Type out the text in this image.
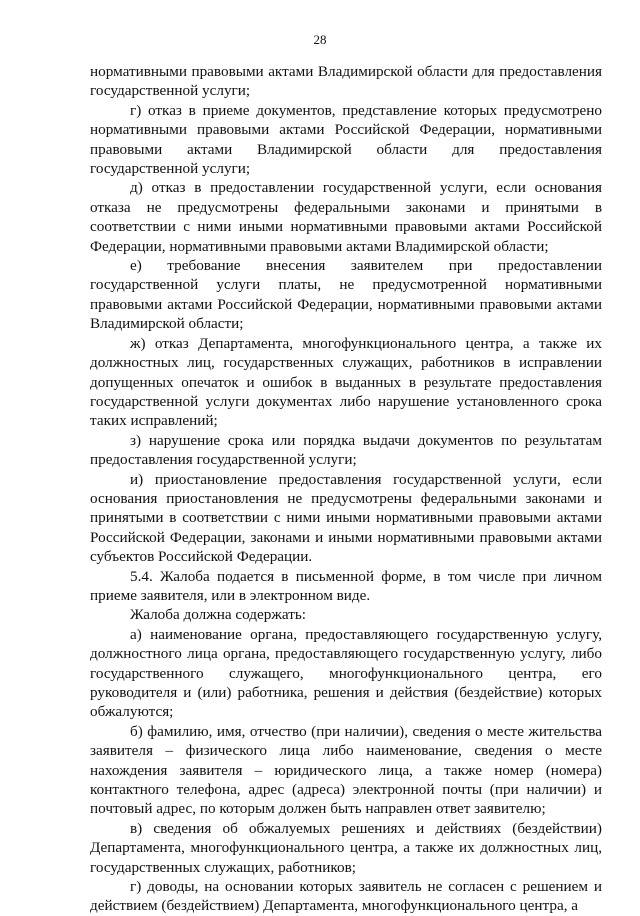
28

нормативными правовыми актами Владимирской области для предоставления государственной услуги;

г) отказ в приеме документов, представление которых предусмотрено нормативными правовыми актами Российской Федерации, нормативными правовыми актами Владимирской области для предоставления государственной услуги;

д) отказ в предоставлении государственной услуги, если основания отказа не предусмотрены федеральными законами и принятыми в соответствии с ними иными нормативными правовыми актами Российской Федерации, нормативными правовыми актами Владимирской области;

е) требование внесения заявителем при предоставлении государственной услуги платы, не предусмотренной нормативными правовыми актами Российской Федерации, нормативными правовыми актами Владимирской области;

ж) отказ Департамента, многофункционального центра, а также их должностных лиц, государственных служащих, работников в исправлении допущенных опечаток и ошибок в выданных в результате предоставления государственной услуги документах либо нарушение установленного срока таких исправлений;

з) нарушение срока или порядка выдачи документов по результатам предоставления государственной услуги;

и) приостановление предоставления государственной услуги, если основания приостановления не предусмотрены федеральными законами и принятыми в соответствии с ними иными нормативными правовыми актами Российской Федерации, законами и иными нормативными правовыми актами субъектов Российской Федерации.

5.4. Жалоба подается в письменной форме, в том числе при личном приеме заявителя, или в электронном виде.

Жалоба должна содержать:

а) наименование органа, предоставляющего государственную услугу, должностного лица органа, предоставляющего государственную услугу, либо государственного служащего, многофункционального центра, его руководителя и (или) работника, решения и действия (бездействие) которых обжалуются;

б) фамилию, имя, отчество (при наличии), сведения о месте жительства заявителя – физического лица либо наименование, сведения о месте нахождения заявителя – юридического лица, а также номер (номера) контактного телефона, адрес (адреса) электронной почты (при наличии) и почтовый адрес, по которым должен быть направлен ответ заявителю;

в) сведения об обжалуемых решениях и действиях (бездействии) Департамента, многофункционального центра, а также их должностных лиц, государственных служащих, работников;

г) доводы, на основании которых заявитель не согласен с решением и действием (бездействием) Департамента, многофункционального центра, а
